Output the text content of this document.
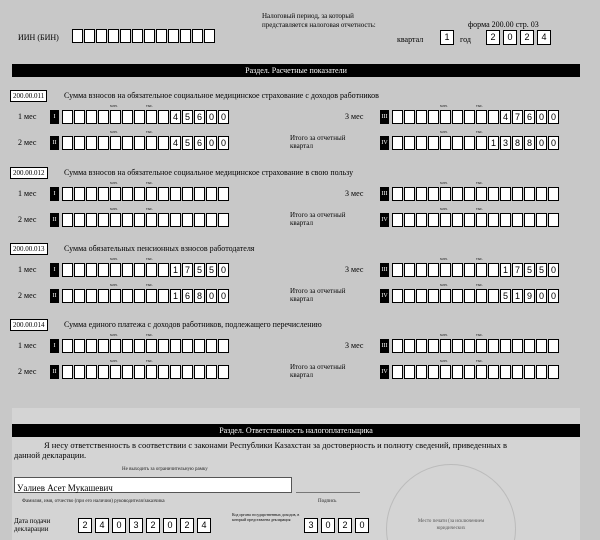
форма 200.00 стр. 03
ИИН (БИН)
Налоговый период, за который представляется налоговая отчетность:
квартал	1	год	2	0	2	4
Раздел. Расчетные показатели
200.00.011	Сумма взносов на обязательное социальное медицинское страхование с доходов работников
1 мес	I	4 5 6 0 0
млн.	тыс.
2 мес	II	4 5 6 0 0
млн.	тыс.
3 мес	III	4 7 6 0 0
млн.	тыс.
Итого за отчетный квартал	IV	1 3 8 8 0 0
млн.	тыс.
200.00.012	Сумма взносов на обязательное социальное медицинское страхование в свою пользу
1 мес	I
млн.	тыс.
2 мес	II
млн.	тыс.
3 мес	III
млн.	тыс.
Итого за отчетный квартал	IV
млн.	тыс.
200.00.013	Сумма обязательных пенсионных взносов работодателя
1 мес	I	1 7 5 5 0
млн.	тыс.
2 мес	II	1 6 8 0 0
млн.	тыс.
3 мес	III	1 7 5 5 0
млн.	тыс.
Итого за отчетный квартал	IV	5 1 9 0 0
млн.	тыс.
200.00.014	Сумма единого платежа с доходов работников, подлежащего перечислению
1 мес	I
млн.	тыс.
2 мес	II
млн.	тыс.
3 мес	III
млн.	тыс.
Итого за отчетный квартал	IV
млн.	тыс.
Раздел. Ответственность налогоплательщика
Я несу ответственность в соответствии с законами Республики Казахстан за достоверность и полноту сведений, приведенных в данной декларации.
Не выходить за ограничительную рамку
Уалиев Асет Мукашевич
Фамилия, имя, отчество (при его наличии) руководителя/заказчика	Подпись
Дата подачи декларации	2	4	0	3	2	0	2	4
Код органа государственных доходов, в который представлена декларация
3	0	2	0	Место печати (за исключением юридических
